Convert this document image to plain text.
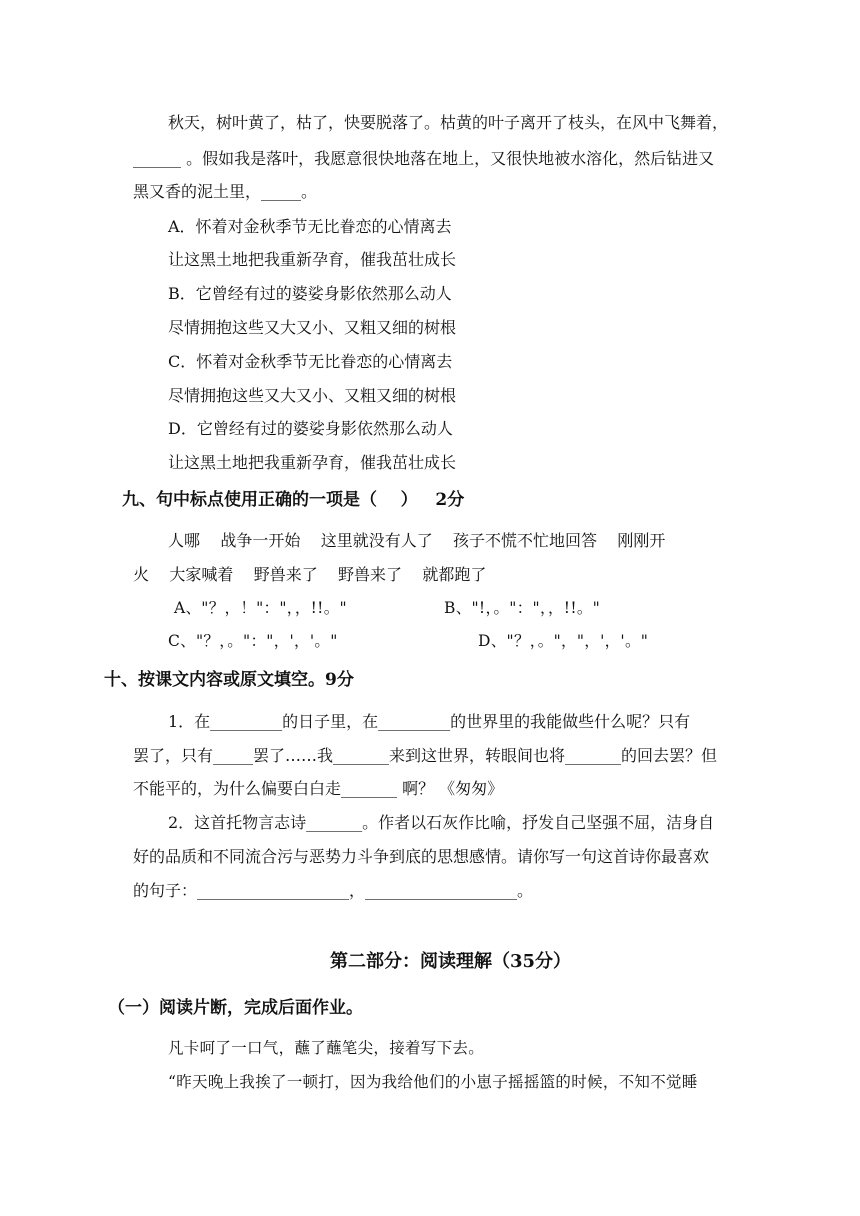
秋天，树叶黄了，枯了，快要脱落了。枯黄的叶子离开了枝头，在风中飞舞着，
______ 。假如我是落叶，我愿意很快地落在地上，又很快地被水溶化，然后钻进又
黑又香的泥土里，_____。
A．怀着对金秋季节无比眷恋的心情离去
让这黑土地把我重新孕育，催我茁壮成长
B．它曾经有过的婆娑身影依然那么动人
尽情拥抱这些又大又小、又粗又细的树根
C．怀着对金秋季节无比眷恋的心情离去
尽情拥抱这些又大又小、又粗又细的树根
D．它曾经有过的婆娑身影依然那么动人
让这黑土地把我重新孕育，催我茁壮成长
九、句中标点使用正确的一项是（    ）   2分
人哪    战争一开始    这里就没有人了    孩子不慌不忙地回答    刚刚开
火    大家喊着    野兽来了    野兽来了    就都跑了
A、"？，！"："，，!!。"	B、"!，。"："，，!!。"
C、"？，。"："，'，'。"	D、"？，。"，"，'，'。"
十、按课文内容或原文填空。9分
1．在_________的日子里，在_________的世界里的我能做些什么呢？只有
罢了，只有_____罢了……我_______来到这世界，转眼间也将_______的回去罢？但
不能平的，为什么偏要白白走_______ 啊？ 《匆匆》
2．这首托物言志诗_______。作者以石灰作比喻，抒发自己坚强不屈，洁身自
好的品质和不同流合污与恶势力斗争到底的思想感情。请你写一句这首诗你最喜欢
的句子：___________________，___________________。
第二部分：阅读理解（35分）
（一）阅读片断，完成后面作业。
凡卡呵了一口气，蘸了蘸笔尖，接着写下去。
“昨天晚上我挨了一顿打，因为我给他们的小崽子摇摇篮的时候，不知不觉睡
